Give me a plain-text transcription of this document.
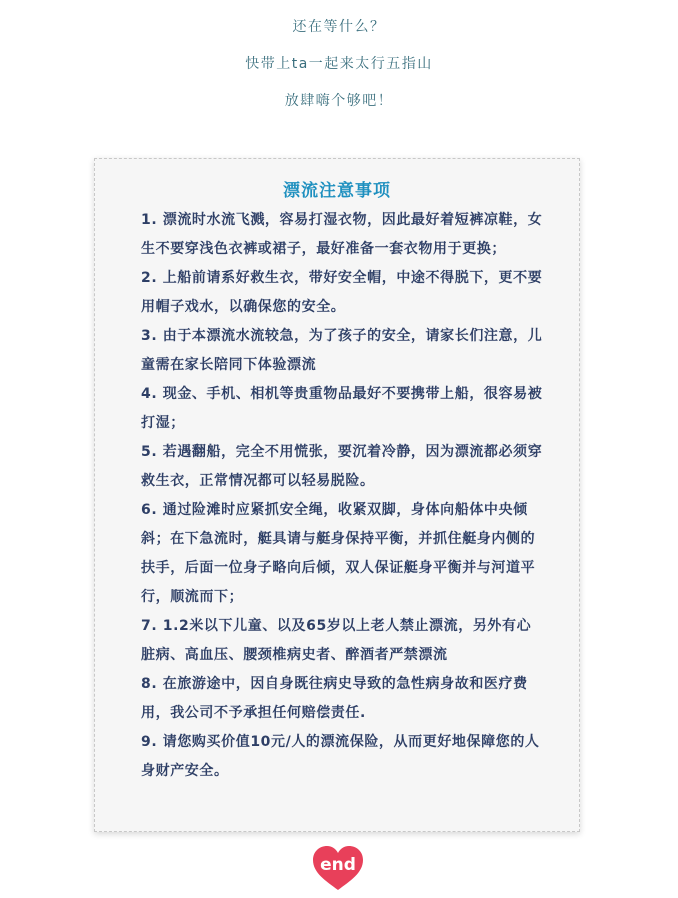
还在等什么？
快带上ta一起来太行五指山
放肆嗨个够吧！
漂流注意事项

1. 漂流时水流飞溅，容易打湿衣物，因此最好着短裤凉鞋，女生不要穿浅色衣裤或裙子，最好准备一套衣物用于更换；

2. 上船前请系好救生衣，带好安全帽，中途不得脱下，更不要用帽子戏水，以确保您的安全。

3. 由于本漂流水流较急，为了孩子的安全，请家长们注意，儿童需在家长陪同下体验漂流

4. 现金、手机、相机等贵重物品最好不要携带上船，很容易被打湿；

5. 若遇翻船，完全不用慌张，要沉着冷静，因为漂流都必须穿救生衣，正常情况都可以轻易脱险。

6. 通过险滩时应紧抓安全绳，收紧双脚，身体向船体中央倾斜；在下急流时，艇具请与艇身保持平衡，并抓住艇身内侧的扶手，后面一位身子略向后倾，双人保证艇身平衡并与河道平行，顺流而下；

7. 1.2米以下儿童、以及65岁以上老人禁止漂流，另外有心脏病、高血压、腰颈椎病史者、醉酒者严禁漂流

8. 在旅游途中，因自身既往病史导致的急性病身故和医疗费用，我公司不予承担任何赔偿责任.

9. 请您购买价值10元/人的漂流保险，从而更好地保障您的人身财产安全。

end
